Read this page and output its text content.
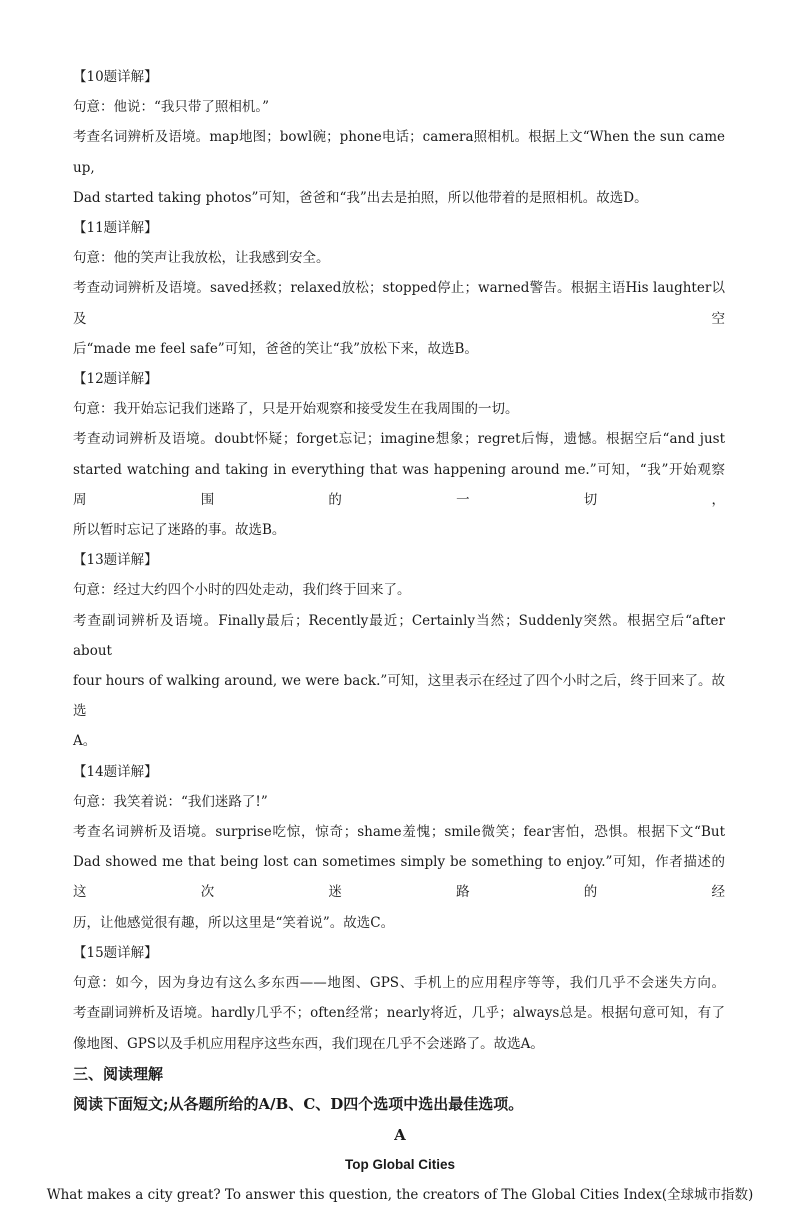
【10题详解】
句意：他说：“我只带了照相机。”
考查名词辨析及语境。map地图；bowl碗；phone电话；camera照相机。根据上文“When the sun came up,
Dad started taking photos”可知，爸爸和“我”出去是拍照，所以他带着的是照相机。故选D。
【11题详解】
句意：他的笑声让我放松，让我感到安全。
考查动词辨析及语境。saved拯救；relaxed放松；stopped停止；warned警告。根据主语His laughter以及空
后“made me feel safe”可知，爸爸的笑让“我”放松下来，故选B。
【12题详解】
句意：我开始忘记我们迷路了，只是开始观察和接受发生在我周围的一切。
考查动词辨析及语境。doubt怀疑；forget忘记；imagine想象；regret后悔，遗憾。根据空后“and just
started watching and taking in everything that was happening around me.”可知，“我”开始观察周围的一切，
所以暂时忘记了迷路的事。故选B。
【13题详解】
句意：经过大约四个小时的四处走动，我们终于回来了。
考查副词辨析及语境。Finally最后；Recently最近；Certainly当然；Suddenly突然。根据空后“after about
four hours of walking around, we were back.”可知，这里表示在经过了四个小时之后，终于回来了。故选
A。
【14题详解】
句意：我笑着说：“我们迷路了!”
考查名词辨析及语境。surprise吃惊，惊奇；shame羞愧；smile微笑；fear害怕，恐惧。根据下文“But
Dad showed me that being lost can sometimes simply be something to enjoy.”可知，作者描述的这次迷路的经
历，让他感觉很有趣，所以这里是“笑着说”。故选C。
【15题详解】
句意：如今，因为身边有这么多东西——地图、GPS、手机上的应用程序等等，我们几乎不会迷失方向。
考查副词辨析及语境。hardly几乎不；often经常；nearly将近，几乎；always总是。根据句意可知，有了
像地图、GPS以及手机应用程序这些东西，我们现在几乎不会迷路了。故选A。
三、阅读理解
阅读下面短文;从各题所给的A/B、C、D四个选项中选出最佳选项。
A
Top Global Cities
What makes a city great? To answer this question, the creators of The Global Cities Index(全球城市指数)
